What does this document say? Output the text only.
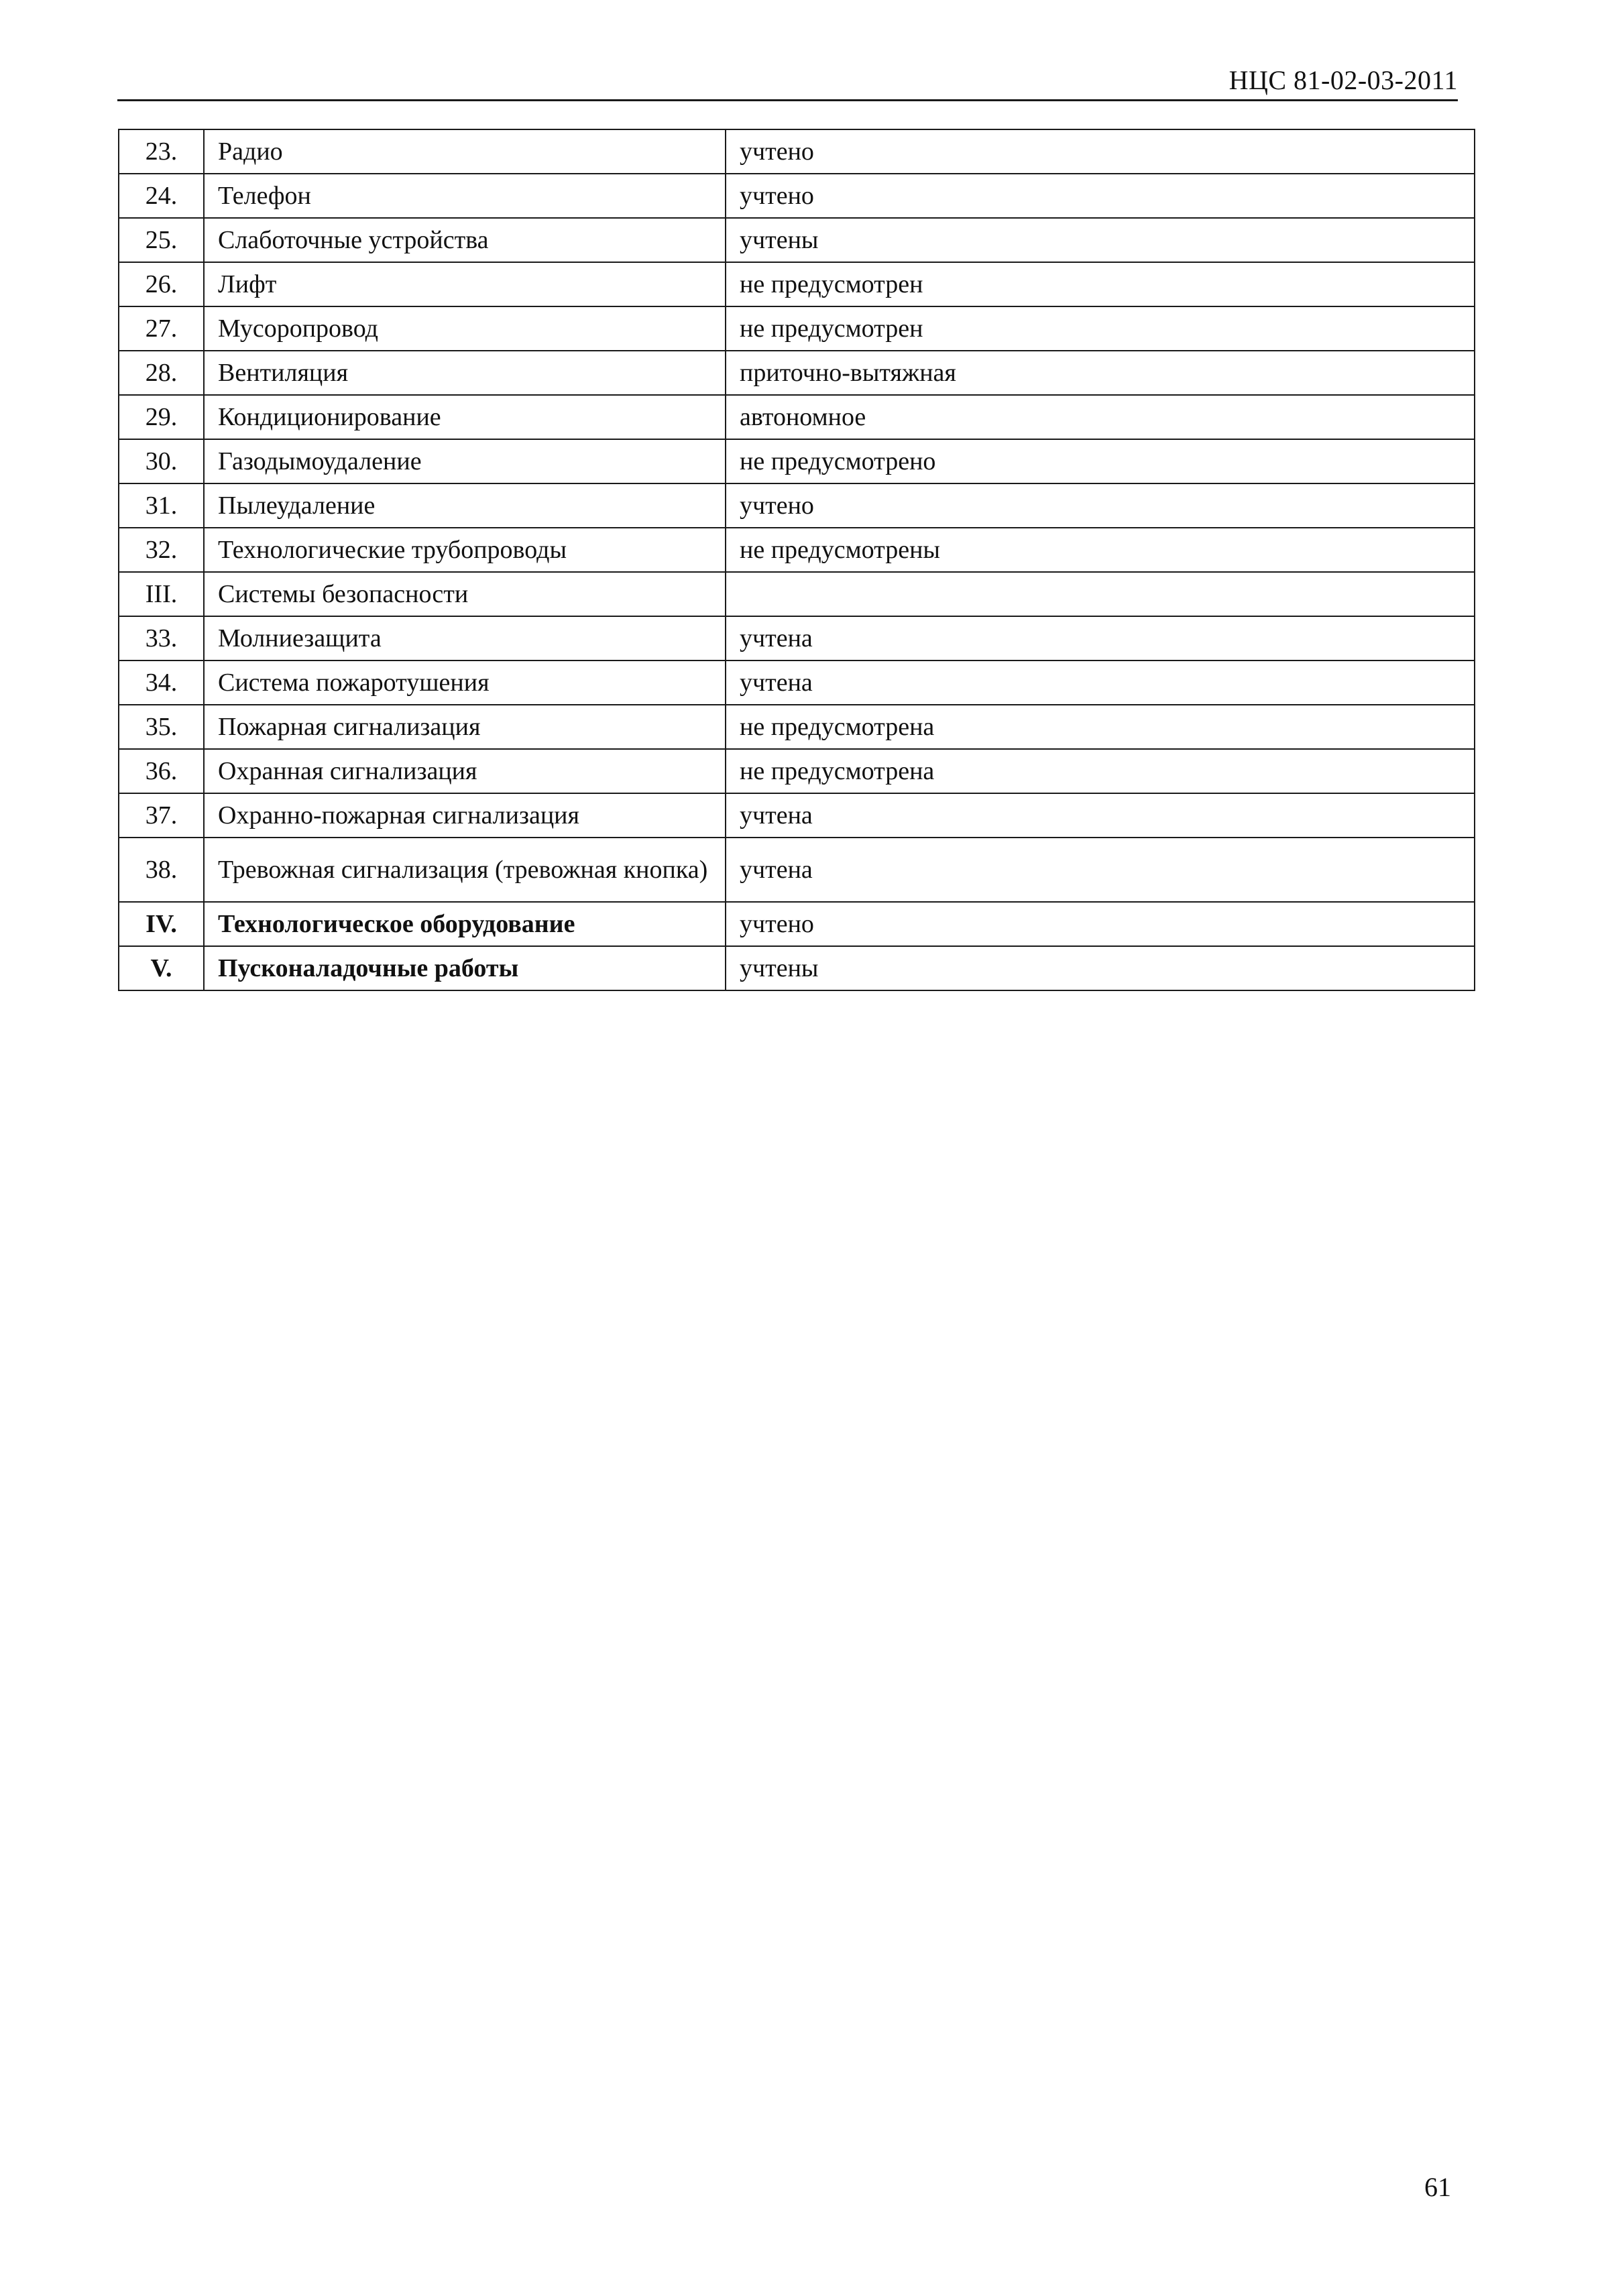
НЦС 81-02-03-2011
23.	Радио	учтено
24.	Телефон	учтено
25.	Слаботочные устройства	учтены
26.	Лифт	не предусмотрен
27.	Мусоропровод	не предусмотрен
28.	Вентиляция	приточно-вытяжная
29.	Кондиционирование	автономное
30.	Газодымоудаление	не предусмотрено
31.	Пылеудаление	учтено
32.	Технологические трубопроводы	не предусмотрены
III.	Системы безопасности	
33.	Молниезащита	учтена
34.	Система пожаротушения	учтена
35.	Пожарная сигнализация	не предусмотрена
36.	Охранная сигнализация	не предусмотрена
37.	Охранно-пожарная сигнализация	учтена
38.	Тревожная сигнализация (тревожная кнопка)	учтена
IV.	Технологическое оборудование	учтено
V.	Пусконаладочные работы	учтены
61
